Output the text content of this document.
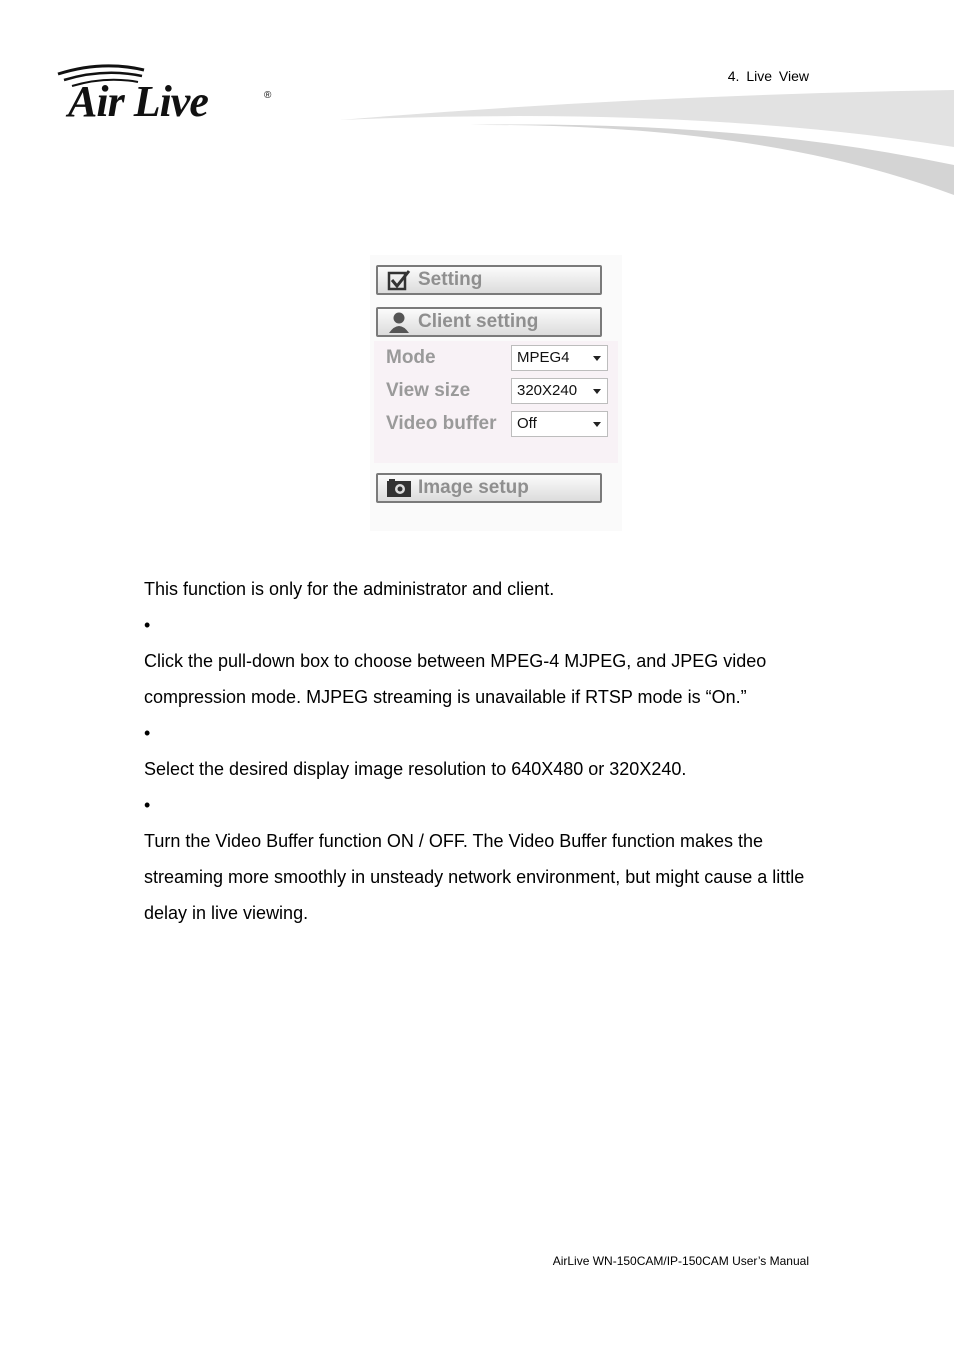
Air Live	®
4. Live View
Setting
Client setting
Mode	MPEG4
View size	320X240
Video buffer	Off
Image setup
This function is only for the administrator and client.
•
Click the pull-down box to choose between MPEG-4 MJPEG, and JPEG video compression mode. MJPEG streaming is unavailable if RTSP mode is “On.”
•
Select the desired display image resolution to 640X480 or 320X240.
•
Turn the Video Buffer function ON / OFF. The Video Buffer function makes the streaming more smoothly in unsteady network environment, but might cause a little delay in live viewing.
AirLive WN-150CAM/IP-150CAM User’s Manual
